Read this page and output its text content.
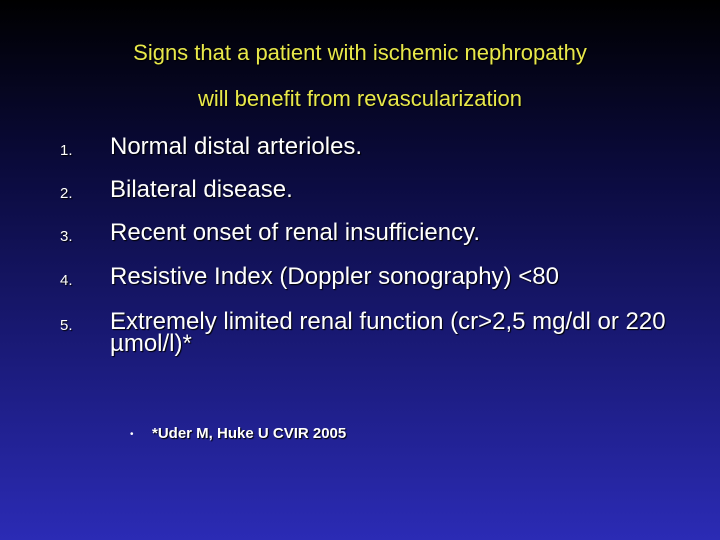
Signs that a patient with ischemic nephropathy
will benefit from revascularization
1. Normal distal arterioles.
2. Bilateral disease.
3. Recent onset of renal insufficiency.
4. Resistive Index (Doppler sonography) <80
5. Extremely limited renal function (cr>2,5 mg/dl or 220 µmol/l)*
• *Uder M, Huke U CVIR 2005
